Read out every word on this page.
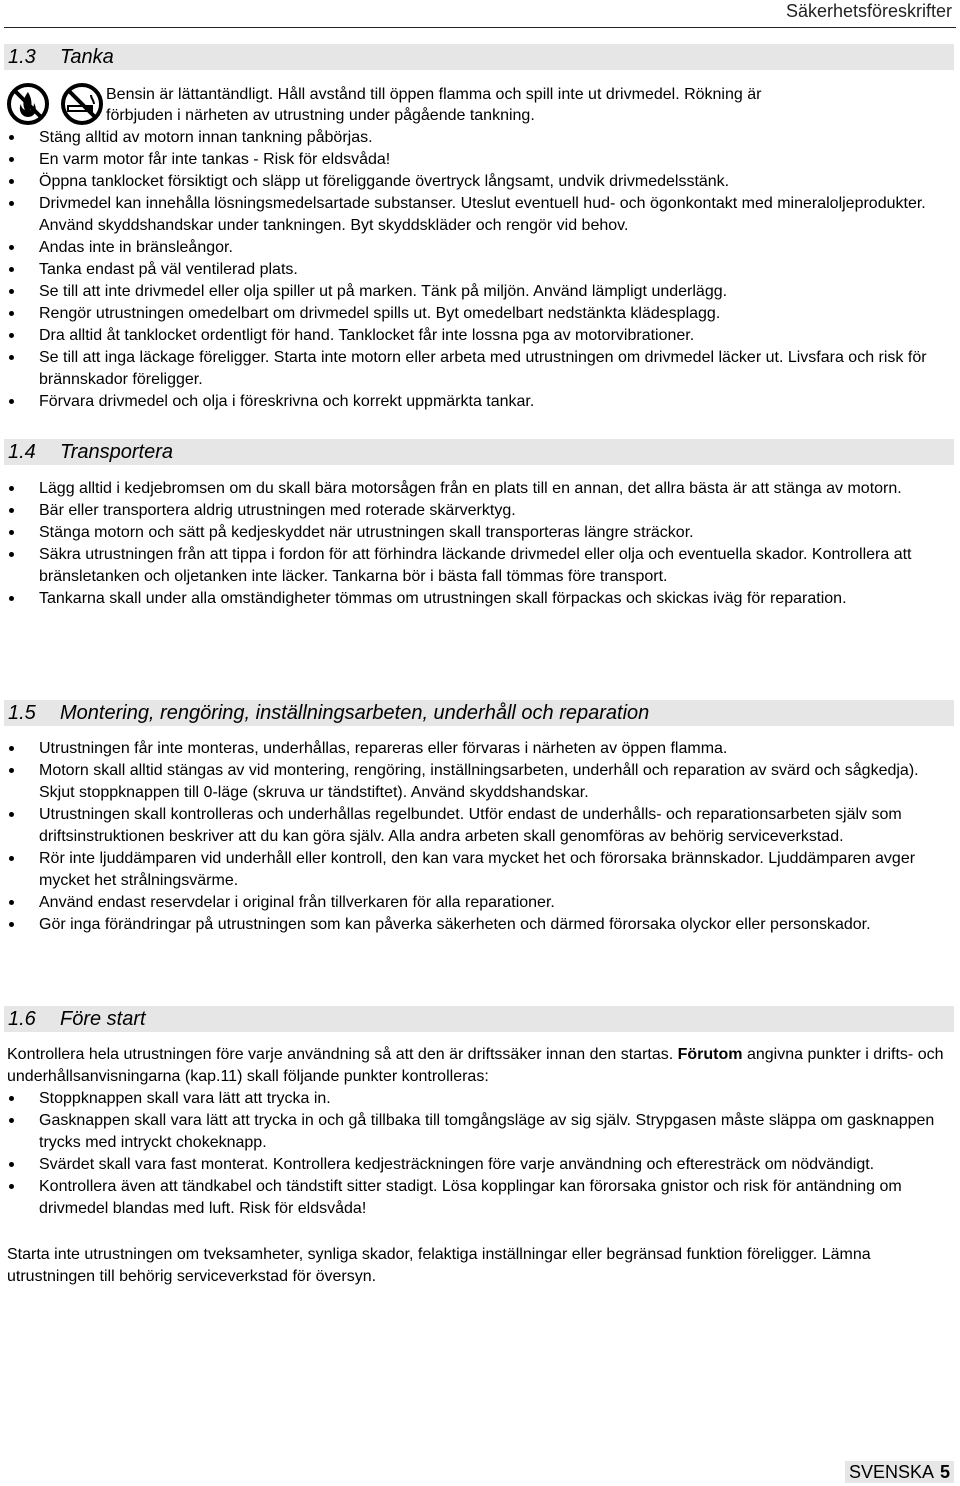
Säkerhetsföreskrifter
1.3	Tanka

Bensin är lättantändligt. Håll avstånd till öppen flamma och spill inte ut drivmedel. Rökning är

förbjuden i närheten av utrustning under pågående tankning.

Stäng alltid av motorn innan tankning påbörjas.
En varm motor får inte tankas - Risk för eldsvåda!
Öppna tanklocket försiktigt och släpp ut föreliggande övertryck långsamt, undvik drivmedelsstänk.
Drivmedel kan innehålla lösningsmedelsartade substanser. Uteslut eventuell hud- och ögonkontakt med mineraloljeprodukter. Använd skyddshandskar under tankningen. Byt skyddskläder och rengör vid behov.
Andas inte in bränsleångor.
Tanka endast på väl ventilerad plats.
Se till att inte drivmedel eller olja spiller ut på marken. Tänk på miljön. Använd lämpligt underlägg.
Rengör utrustningen omedelbart om drivmedel spills ut. Byt omedelbart nedstänkta klädesplagg.
Dra alltid åt tanklocket ordentligt för hand. Tanklocket får inte lossna pga av motorvibrationer.
Se till att inga läckage föreligger. Starta inte motorn eller arbeta med utrustningen om drivmedel läcker ut. Livsfara och risk för brännskador föreligger.
Förvara drivmedel och olja i föreskrivna och korrekt uppmärkta tankar.
1.4	Transportera
Lägg alltid i kedjebromsen om du skall bära motorsågen från en plats till en annan, det allra bästa är att stänga av motorn.
Bär eller transportera aldrig utrustningen med roterade skärverktyg.
Stänga motorn och sätt på kedjeskyddet när utrustningen skall transporteras längre sträckor.
Säkra utrustningen från att tippa i fordon för att förhindra läckande drivmedel eller olja och eventuella skador. Kontrollera att bränsletanken och oljetanken inte läcker. Tankarna bör i bästa fall tömmas före transport.
Tankarna skall under alla omständigheter tömmas om utrustningen skall förpackas och skickas iväg för reparation.
1.5	Montering, rengöring, inställningsarbeten, underhåll och reparation
Utrustningen får inte monteras, underhållas, repareras eller förvaras i närheten av öppen flamma.
Motorn skall alltid stängas av vid montering, rengöring, inställningsarbeten, underhåll och reparation av svärd och sågkedja). Skjut stoppknappen till 0-läge (skruva ur tändstiftet). Använd skyddshandskar.
Utrustningen skall kontrolleras och underhållas regelbundet. Utför endast de underhålls- och reparationsarbeten själv som driftsinstruktionen beskriver att du kan göra själv. Alla andra arbeten skall genomföras av behörig serviceverkstad.
Rör inte ljuddämparen vid underhåll eller kontroll, den kan vara mycket het och förorsaka brännskador. Ljuddämparen avger mycket het strålningsvärme.
Använd endast reservdelar i original från tillverkaren för alla reparationer.
Gör inga förändringar på utrustningen som kan påverka säkerheten och därmed förorsaka olyckor eller personskador.
1.6	Före start

Kontrollera hela utrustningen före varje användning så att den är driftssäker innan den startas. Förutom angivna punkter i drifts- och underhållsanvisningarna (kap.11) skall följande punkter kontrolleras:

Stoppknappen skall vara lätt att trycka in.
Gasknappen skall vara lätt att trycka in och gå tillbaka till tomgångsläge av sig själv. Strypgasen måste släppa om gasknappen trycks med intryckt chokeknapp.
Svärdet skall vara fast monterat. Kontrollera kedjesträckningen före varje användning och efteresträck om nödvändigt.
Kontrollera även att tändkabel och tändstift sitter stadigt. Lösa kopplingar kan förorsaka gnistor och risk för antändning om drivmedel blandas med luft. Risk för eldsvåda!

Starta inte utrustningen om tveksamheter, synliga skador, felaktiga inställningar eller begränsad funktion föreligger. Lämna utrustningen till behörig serviceverkstad för översyn.

SVENSKA 5
